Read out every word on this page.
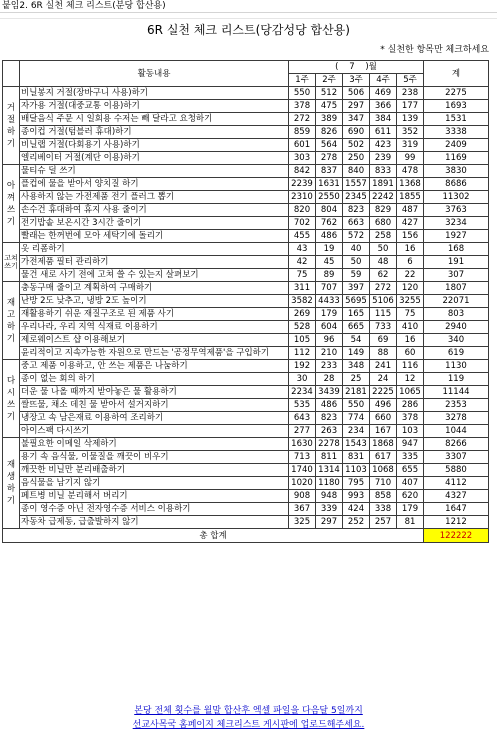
붙임2. 6R 실천 체크 리스트(분당 합산용)
6R 실천 체크 리스트(당감성당 합산용)
* 실천한 항목만 체크하세요
	활동내용	( 7 )월					계
		1주	2주	3주	4주	5주	
거절하기	비닐봉지 거절(장바구니 사용)하기	550	512	506	469	238	2275
	자가용 거절(대중교통 이용)하기	378	475	297	366	177	1693
	배달음식 주문 시 일회용 수저는 빼 달라고 요청하기	272	389	347	384	139	1531
	종이컵 거절(텀블러 휴대)하기	859	826	690	611	352	3338
	비닐랩 거절(다회용기 사용)하기	601	564	502	423	319	2409
	엘리베이터 거절(계단 이용)하기	303	278	250	239	99	1169
아껴쓰기	물티슈 덜 쓰기	842	837	840	833	478	3830
	플컵에 물을 받아서 양치질 하기	2239	1631	1557	1891	1368	8686
	사용하지 않는 가전제품 전기 플러그 뽑기	2310	2550	2345	2242	1855	11302
	손수건 휴대하여 휴지 사용 줄이기	820	804	823	829	487	3763
	전기밥솥 보온시간 3시간 줄이기	702	762	663	680	427	3234
	빨래는 한꺼번에 모아 세탁기에 돌리기	455	486	572	258	156	1927
고쳐쓰기	옷 리폼하기	43	19	40	50	16	168
	가전제품 필터 관리하기	42	45	50	48	6	191
	물건 새로 사기 전에 고쳐 쓸 수 있는지 살펴보기	75	89	59	62	22	307
재고하기	충동구매 줄이고 계획하여 구매하기	311	707	397	272	120	1807
	난방 2도 낮추고, 냉방 2도 높이기	3582	4433	5695	5106	3255	22071
	재활용하기 쉬운 재질구조로 된 제품 사기	269	179	165	115	75	803
	우리나라, 우리 지역 식재료 이용하기	528	604	665	733	410	2940
	제로웨이스트 샵 이용해보기	105	96	54	69	16	340
	윤리적이고 지속가능한 자원으로 만드는 '공정무역제품'을 구입하기	112	210	149	88	60	619
다시쓰기	중고 제품 이용하고, 안 쓰는 제품은 나눔하기	192	233	348	241	116	1130
	종이 없는 회의 하기	30	28	25	24	12	119
	더운 물 나올 때까지 받아놓은 물 활용하기	2234	3439	2181	2225	1065	11144
	쌀뜨물, 채소 데친 물 받아서 설거지하기	535	486	550	496	286	2353
	냉장고 속 남은재료 이용하여 조리하기	643	823	774	660	378	3278
	아이스팩 다시쓰기	277	263	234	167	103	1044
재생하기	불필요한 이메일 삭제하기	1630	2278	1543	1868	947	8266
	용기 속 음식물, 이물질을 깨끗이 비우기	713	811	831	617	335	3307
	깨끗한 비닐만 분리배출하기	1740	1314	1103	1068	655	5880
	음식물을 남기지 않기	1020	1180	795	710	407	4112
	페트병 비닐 분리해서 버리기	908	948	993	858	620	4327
	종이 영수증 아닌 전자영수증 서비스 이용하기	367	339	424	338	179	1647
	자동차 급제동, 급출발하지 않기	325	297	252	257	81	1212
총 합계							122222
본당 전체 횟수를 월말 합산후 엑셀 파일을 다음달 5일까지
선교사목국 홈페이지 체크리스트 게시판에 업로드해주세요.
